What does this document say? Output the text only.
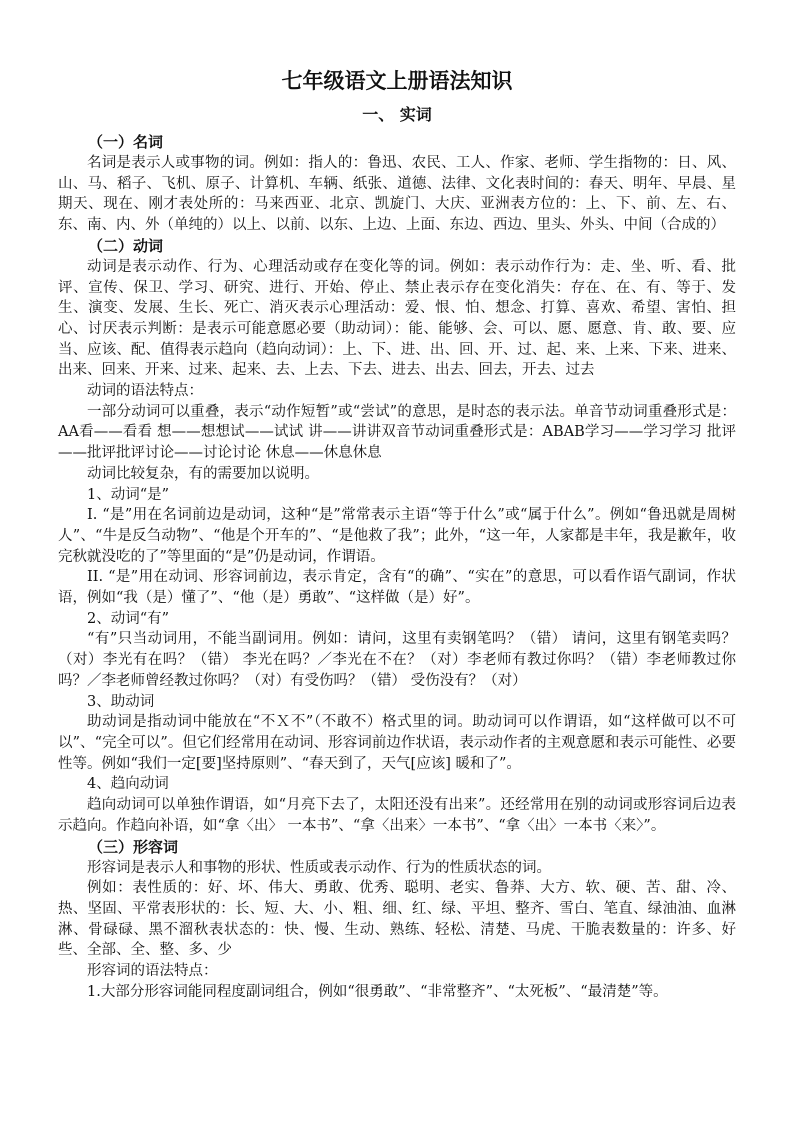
七年级语文上册语法知识
一、 实词
（一）名词

名词是表示人或事物的词。例如：指人的：鲁迅、农民、工人、作家、老师、学生指物的：日、风、山、马、稻子、飞机、原子、计算机、车辆、纸张、道德、法律、文化表时间的：春天、明年、早晨、星期天、现在、刚才表处所的：马来西亚、北京、凯旋门、大庆、亚洲表方位的：上、下、前、左、右、东、南、内、外（单纯的）以上、以前、以东、上边、上面、东边、西边、里头、外头、中间（合成的）

（二）动词

动词是表示动作、行为、心理活动或存在变化等的词。例如：表示动作行为：走、坐、听、看、批评、宣传、保卫、学习、研究、进行、开始、停止、禁止表示存在变化消失：存在、在、有、等于、发生、演变、发展、生长、死亡、消灭表示心理活动：爱、恨、怕、想念、打算、喜欢、希望、害怕、担心、讨厌表示判断：是表示可能意愿必要（助动词）：能、能够、会、可以、愿、愿意、肯、敢、要、应当、应该、配、值得表示趋向（趋向动词）：上、下、进、出、回、开、过、起、来、上来、下来、进来、出来、回来、开来、过来、起来、去、上去、下去、进去、出去、回去，开去、过去

动词的语法特点：

一部分动词可以重叠，表示“动作短暂”或“尝试”的意思，是时态的表示法。单音节动词重叠形式是：AA看——看看 想——想想试——试试 讲——讲讲双音节动词重叠形式是：ABAB学习——学习学习 批评——批评批评讨论——讨论讨论 休息——休息休息

动词比较复杂，有的需要加以说明。

1、动词“是”

I. “是”用在名词前边是动词，这种“是”常常表示主语“等于什么”或“属于什么”。例如“鲁迅就是周树人”、“牛是反刍动物”、“他是个开车的”、“是他救了我”；此外，“这一年，人家都是丰年，我是歉年，收完秋就没吃的了”等里面的“是”仍是动词，作谓语。

II. “是”用在动词、形容词前边，表示肯定，含有“的确”、“实在”的意思，可以看作语气副词，作状语，例如“我（是）懂了”、“他（是）勇敢”、“这样做（是）好”。

2、动词“有”

“有”只当动词用，不能当副词用。例如：请问，这里有卖钢笔吗？（错） 请问，这里有钢笔卖吗？（对）李光有在吗？（错） 李光在吗？／李光在不在？（对）李老师有教过你吗？（错）李老师教过你吗？／李老师曾经教过你吗？（对）有受伤吗？（错） 受伤没有？（对）

3、助动词

助动词是指动词中能放在“不Ｘ不”（不敢不）格式里的词。助动词可以作谓语，如“这样做可以不可以”、“完全可以”。但它们经常用在动词、形容词前边作状语，表示动作者的主观意愿和表示可能性、必要性等。例如“我们一定[要]坚持原则”、“春天到了，天气[应该] 暖和了”。

4、趋向动词

趋向动词可以单独作谓语，如“月亮下去了，太阳还没有出来”。还经常用在别的动词或形容词后边表示趋向。作趋向补语，如“拿〈出〉 一本书”、“拿〈出来〉一本书”、“拿〈出〉一本书〈来〉”。

（三）形容词

形容词是表示人和事物的形状、性质或表示动作、行为的性质状态的词。

例如：表性质的：好、坏、伟大、勇敢、优秀、聪明、老实、鲁莽、大方、软、硬、苦、甜、冷、热、坚固、平常表形状的：长、短、大、小、粗、细、红、绿、平坦、整齐、雪白、笔直、绿油油、血淋淋、骨碌碌、黑不溜秋表状态的：快、慢、生动、熟练、轻松、清楚、马虎、干脆表数量的：许多、好些、全部、全、整、多、少

形容词的语法特点：

1.大部分形容词能同程度副词组合，例如“很勇敢”、“非常整齐”、“太死板”、“最清楚”等。
